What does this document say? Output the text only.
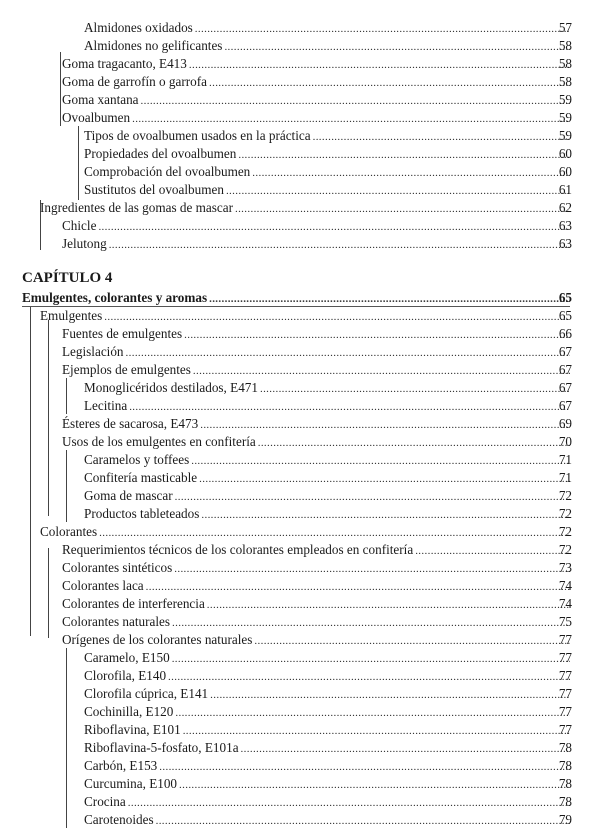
Almidones oxidados . . .	57
Almidones no gelificantes . . .	58
Goma tragacanto, E413 . . .	58
Goma de garrofín o garrofa . . .	58
Goma xantana . . .	59
Ovoalbumen . . .	59
Tipos de ovoalbumen usados en la práctica . . .	59
Propiedades del ovoalbumen . . .	60
Comprobación del ovoalbumen . . .	60
Sustitutos del ovoalbumen . . .	61
Ingredientes de las gomas de mascar . . .	62
Chicle . . .	63
Jelutong . . .	63
CAPÍTULO 4
Emulgentes, colorantes y aromas . . .	65
Emulgentes . . .	65
Fuentes de emulgentes . . .	66
Legislación . . .	67
Ejemplos de emulgentes . . .	67
Monoglicéridos destilados, E471 . . .	67
Lecitina . . .	67
Ésteres de sacarosa, E473 . . .	69
Usos de los emulgentes en confitería . . .	70
Caramelos y toffees . . .	71
Confitería masticable . . .	71
Goma de mascar . . .	72
Productos tableteados . . .	72
Colorantes . . .	72
Requerimientos técnicos de los colorantes empleados en confitería . . .	72
Colorantes sintéticos . . .	73
Colorantes laca . . .	74
Colorantes de interferencia . . .	74
Colorantes naturales . . .	75
Orígenes de los colorantes naturales . . .	77
Caramelo, E150 . . .	77
Clorofila, E140 . . .	77
Clorofila cúprica, E141 . . .	77
Cochinilla, E120 . . .	77
Riboflavina, E101 . . .	77
Riboflavina-5-fosfato, E101a . . .	78
Carbón, E153 . . .	78
Curcumina, E100 . . .	78
Crocina . . .	78
Carotenoides . . .	79
